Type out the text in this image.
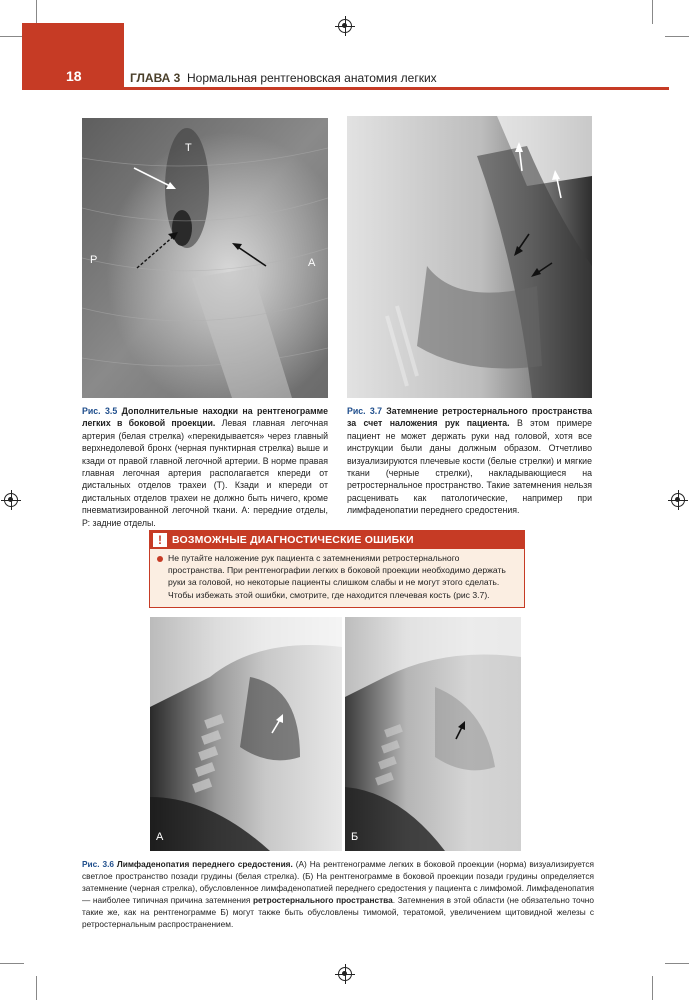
18	ГЛАВА 3 Нормальная рентгеновская анатомия легких
Т
Р	А
Рис. 3.5 Дополнительные находки на рентгенограмме легких в боковой проекции. Левая главная легочная артерия (белая стрелка) «перекидывается» через главный верхнедолевой бронх (черная пунктирная стрелка) выше и кзади от правой главной легочной артерии. В норме правая главная легочная артерия располагается кпереди от дистальных отделов трахеи (Т). Кзади и кпереди от дистальных отделов трахеи не должно быть ничего, кроме пневматизированной легочной ткани. А: передние отделы, Р: задние отделы.
Рис. 3.7 Затемнение ретростернального пространства за счет наложения рук пациента. В этом примере пациент не может держать руки над головой, хотя все инструкции были даны должным образом. Отчетливо визуализируются плечевые кости (белые стрелки) и мягкие ткани (черные стрелки), накладывающиеся на ретростернальное пространство. Такие затемнения нельзя расценивать как патологические, например при лимфаденопатии переднего средостения.
! ВОЗМОЖНЫЕ ДИАГНОСТИЧЕСКИЕ ОШИБКИ
Не путайте наложение рук пациента с затемнениями ретростернального пространства. При рентгенографии легких в боковой проекции необходимо держать руки за головой, но некоторые пациенты слишком слабы и не могут этого сделать. Чтобы избежать этой ошибки, смотрите, где находится плечевая кость (рис 3.7).
А	Б
Рис. 3.6 Лимфаденопатия переднего средостения. (А) На рентгенограмме легких в боковой проекции (норма) визуализируется светлое пространство позади грудины (белая стрелка). (Б) На рентгенограмме в боковой проекции позади грудины определяется затемнение (черная стрелка), обусловленное лимфаденопатией переднего средостения у пациента с лимфомой. Лимфаденопатия — наиболее типичная причина затемнения ретростернального пространства. Затемнения в этой области (не обязательно точно такие же, как на рентгенограмме Б) могут также быть обусловлены тимомой, тератомой, увеличением щитовидной железы с ретростернальным распространением.
